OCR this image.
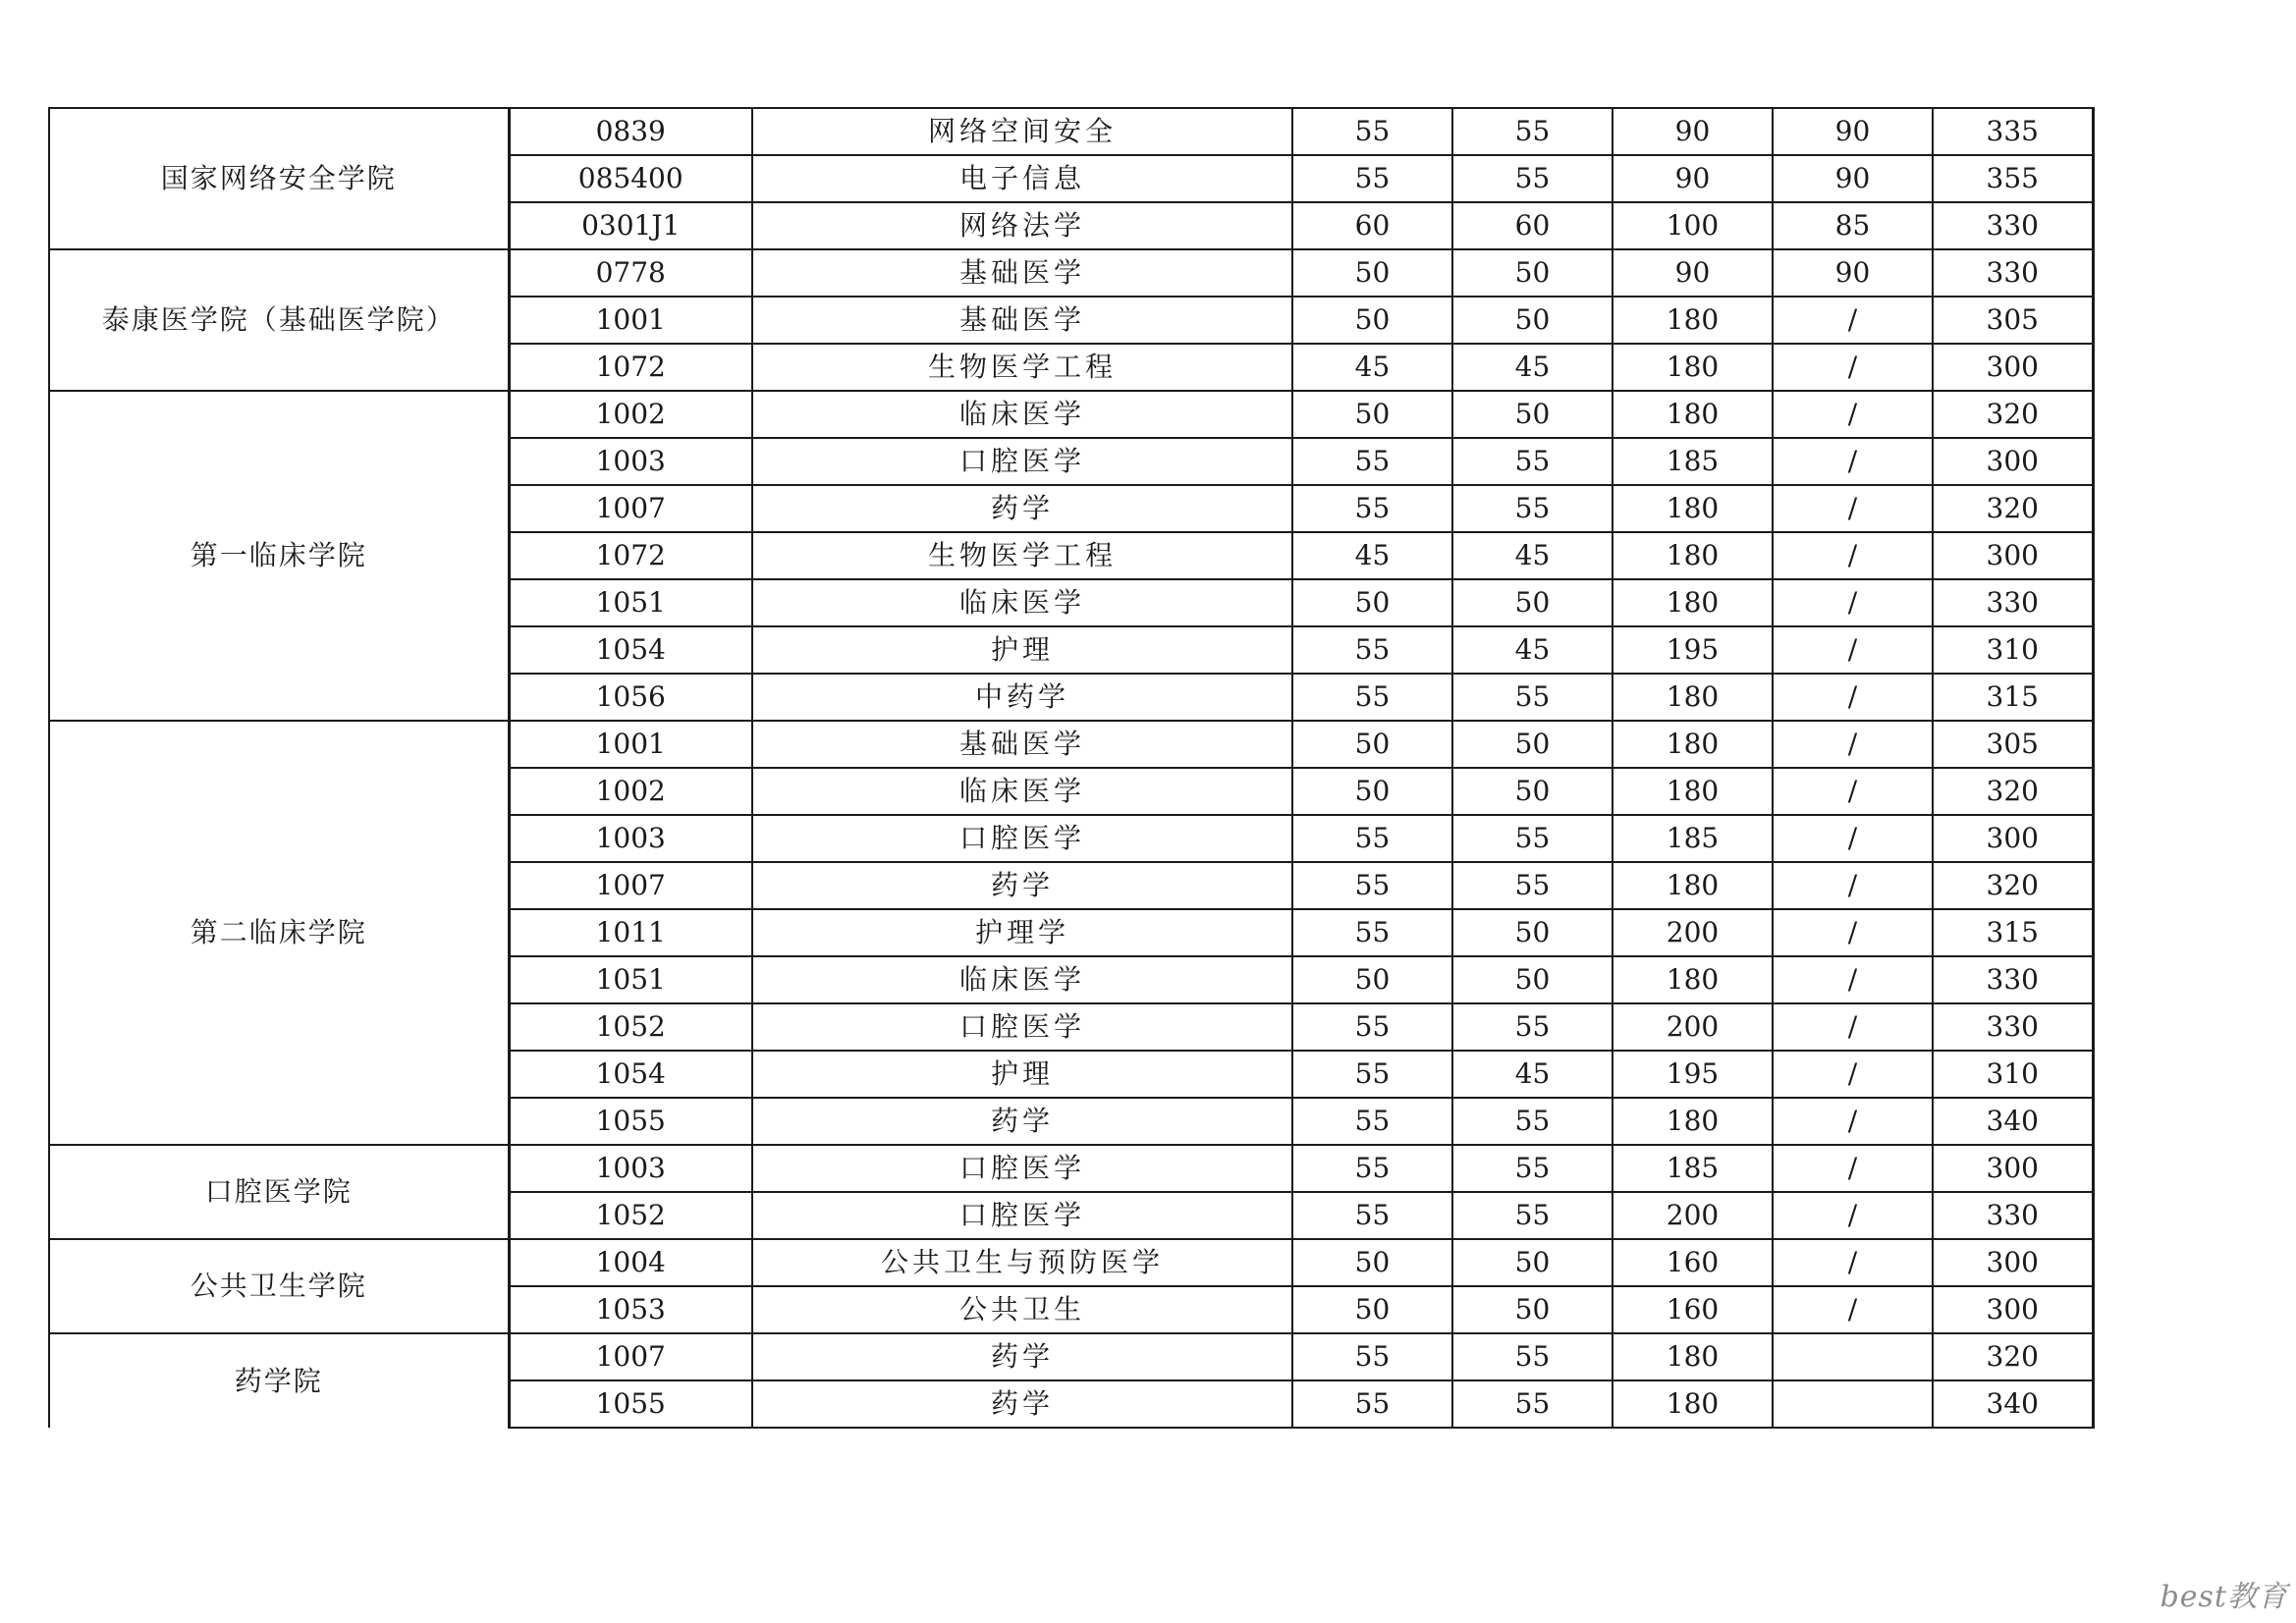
国家网络安全学院	0839	网络空间安全	55	55	90	90	335
	085400	电子信息	55	55	90	90	355
	0301J1	网络法学	60	60	100	85	330
泰康医学院（基础医学院）	0778	基础医学	50	50	90	90	330
	1001	基础医学	50	50	180	/	305
	1072	生物医学工程	45	45	180	/	300
第一临床学院	1002	临床医学	50	50	180	/	320
	1003	口腔医学	55	55	185	/	300
	1007	药学	55	55	180	/	320
	1072	生物医学工程	45	45	180	/	300
	1051	临床医学	50	50	180	/	330
	1054	护理	55	45	195	/	310
	1056	中药学	55	55	180	/	315
第二临床学院	1001	基础医学	50	50	180	/	305
	1002	临床医学	50	50	180	/	320
	1003	口腔医学	55	55	185	/	300
	1007	药学	55	55	180	/	320
	1011	护理学	55	50	200	/	315
	1051	临床医学	50	50	180	/	330
	1052	口腔医学	55	55	200	/	330
	1054	护理	55	45	195	/	310
	1055	药学	55	55	180	/	340
口腔医学院	1003	口腔医学	55	55	185	/	300
	1052	口腔医学	55	55	200	/	330
公共卫生学院	1004	公共卫生与预防医学	50	50	160	/	300
	1053	公共卫生	50	50	160	/	300
药学院	1007	药学	55	55	180		320
	1055	药学	55	55	180		340
best教育
